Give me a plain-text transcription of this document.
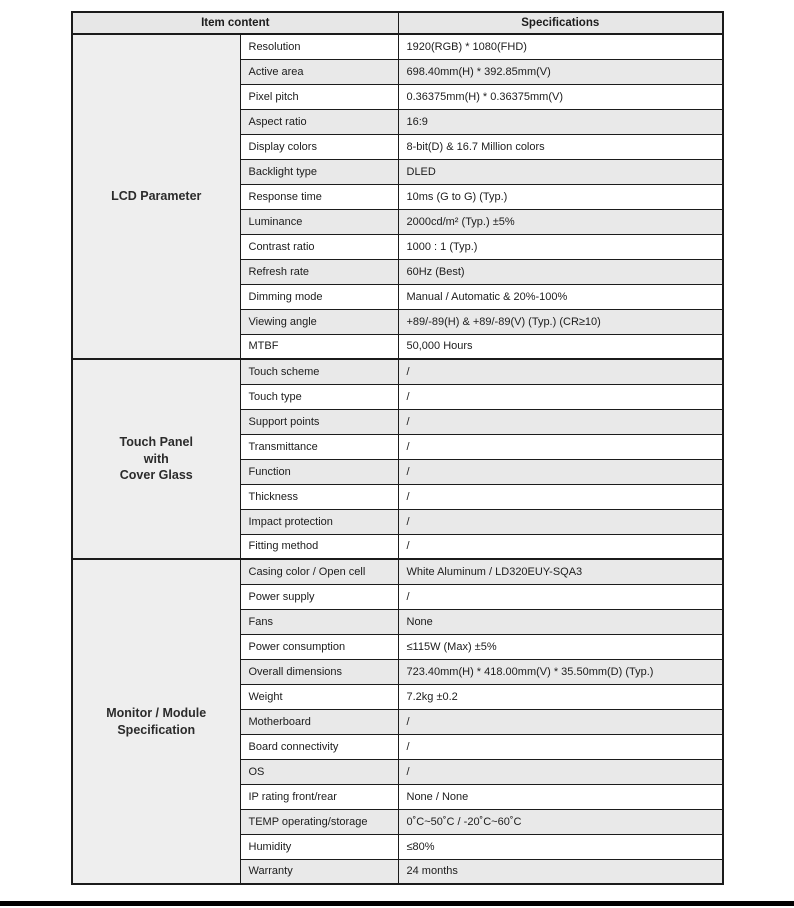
Item content		Specifications

LCD Parameter	Resolution	1920(RGB) * 1080(FHD)
	Active area	698.40mm(H) * 392.85mm(V)
	Pixel pitch	0.36375mm(H) * 0.36375mm(V)
	Aspect ratio	16:9
	Display colors	8-bit(D) & 16.7 Million colors
	Backlight type	DLED
	Response time	10ms (G to G) (Typ.)
	Luminance	2000cd/m² (Typ.) ±5%
	Contrast ratio	1000 : 1 (Typ.)
	Refresh rate	60Hz (Best)
	Dimming mode	Manual / Automatic & 20%-100%
	Viewing angle	+89/-89(H) & +89/-89(V) (Typ.) (CR≥10)
	MTBF	50,000 Hours

Touch Panel
with
Cover Glass	Touch scheme	/
	Touch type	/
	Support points	/
	Transmittance	/
	Function	/
	Thickness	/
	Impact protection	/
	Fitting method	/

Monitor / Module
Specification	Casing color / Open cell	White Aluminum / LD320EUY-SQA3
	Power supply	/
	Fans	None
	Power consumption	≤115W (Max) ±5%
	Overall dimensions	723.40mm(H) * 418.00mm(V) * 35.50mm(D) (Typ.)
	Weight	7.2kg ±0.2
	Motherboard	/
	Board connectivity	/
	OS	/
	IP rating front/rear	None / None
	TEMP operating/storage	0˚C~50˚C / -20˚C~60˚C
	Humidity	≤80%
	Warranty	24 months
